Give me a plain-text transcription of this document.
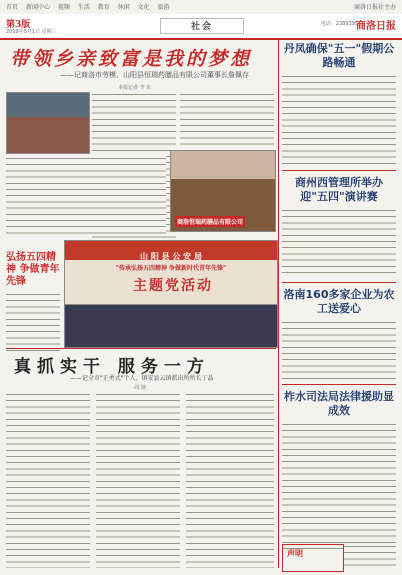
首页 新闻中心 视频 生活 教育 休闲 文化 旅游	商洛日报社主办
第3版
2019年5月1日 星期三	社会	电话：2389395
商洛日报
带领乡亲致富是我的梦想
——记商洛市劳模、山阳县恒瑞药膳品有限公司董事长詹佩存
本报记者 李 东
商洛恒瑞药膳品有限公司
弘扬五四精神 争做青年先锋
山 阳 县 公 安 局
"传承弘扬五四精神 争做新时代青年先锋"
主题党活动
真抓实干 服务一方
——记全市"正勇式"个人、镇安县云镇派出所所长丁晶
周 浏
丹凤确保"五一"假期公路畅通
商州西管理所举办迎"五四"演讲赛
洛南160多家企业为农工送爱心
柞水司法局法律援助显成效
声明
